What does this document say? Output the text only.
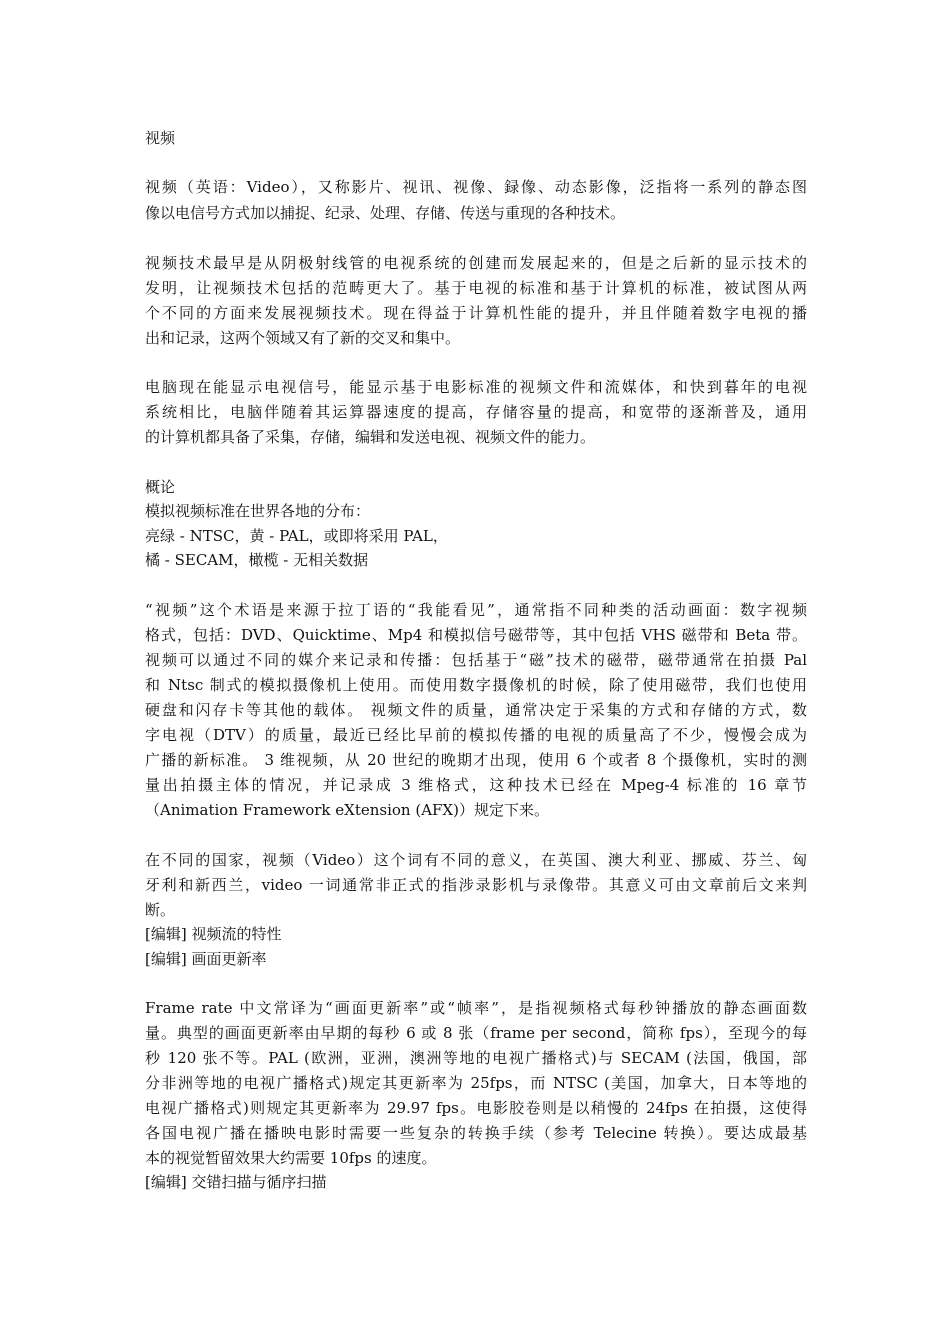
视频
视频（英语：Video），又称影片、视讯、视像、録像、动态影像，泛指将一系列的静态图
像以电信号方式加以捕捉、纪录、处理、存储、传送与重现的各种技术。
视频技术最早是从阴极射线管的电视系统的创建而发展起来的，但是之后新的显示技术的
发明，让视频技术包括的范畴更大了。基于电视的标准和基于计算机的标准，被试图从两
个不同的方面来发展视频技术。现在得益于计算机性能的提升，并且伴随着数字电视的播
出和记录，这两个领域又有了新的交叉和集中。
电脑现在能显示电视信号，能显示基于电影标准的视频文件和流媒体，和快到暮年的电视
系统相比，电脑伴随着其运算器速度的提高，存储容量的提高，和宽带的逐渐普及，通用
的计算机都具备了采集，存储，编辑和发送电视、视频文件的能力。
概论
模拟视频标准在世界各地的分布：
亮绿 - NTSC，黄 - PAL，或即将采用 PAL，
橘 - SECAM，橄榄 - 无相关数据
“视频”这个术语是来源于拉丁语的“我能看见”，通常指不同种类的活动画面：数字视频
格式，包括：DVD、Quicktime、Mp4 和模拟信号磁带等，其中包括 VHS 磁带和 Beta 带。
视频可以通过不同的媒介来记录和传播：包括基于“磁”技术的磁带，磁带通常在拍摄 Pal
和 Ntsc 制式的模拟摄像机上使用。而使用数字摄像机的时候，除了使用磁带，我们也使用
硬盘和闪存卡等其他的载体。 视频文件的质量，通常决定于采集的方式和存储的方式，数
字电视（DTV）的质量，最近已经比早前的模拟传播的电视的质量高了不少，慢慢会成为
广播的新标准。 3 维视频，从 20 世纪的晚期才出现，使用 6 个或者 8 个摄像机，实时的测
量出拍摄主体的情况，并记录成 3 维格式，这种技术已经在 Mpeg-4 标准的 16 章节
（Animation Framework eXtension (AFX)）规定下来。
在不同的国家，视频（Video）这个词有不同的意义，在英国、澳大利亚、挪威、芬兰、匈
牙利和新西兰，video 一词通常非正式的指涉录影机与录像带。其意义可由文章前后文来判
断。
[编辑] 视频流的特性
[编辑] 画面更新率
Frame rate 中文常译为“画面更新率”或“帧率”，是指视频格式每秒钟播放的静态画面数
量。典型的画面更新率由早期的每秒 6 或 8 张（frame per second，简称 fps），至现今的每
秒 120 张不等。PAL (欧洲，亚洲，澳洲等地的电视广播格式)与 SECAM (法国，俄国，部
分非洲等地的电视广播格式)规定其更新率为 25fps，而 NTSC (美国，加拿大，日本等地的
电视广播格式)则规定其更新率为 29.97 fps。电影胶卷则是以稍慢的 24fps 在拍摄，这使得
各国电视广播在播映电影时需要一些复杂的转换手续（参考 Telecine 转换）。要达成最基
本的视觉暂留效果大约需要 10fps 的速度。
[编辑] 交错扫描与循序扫描
